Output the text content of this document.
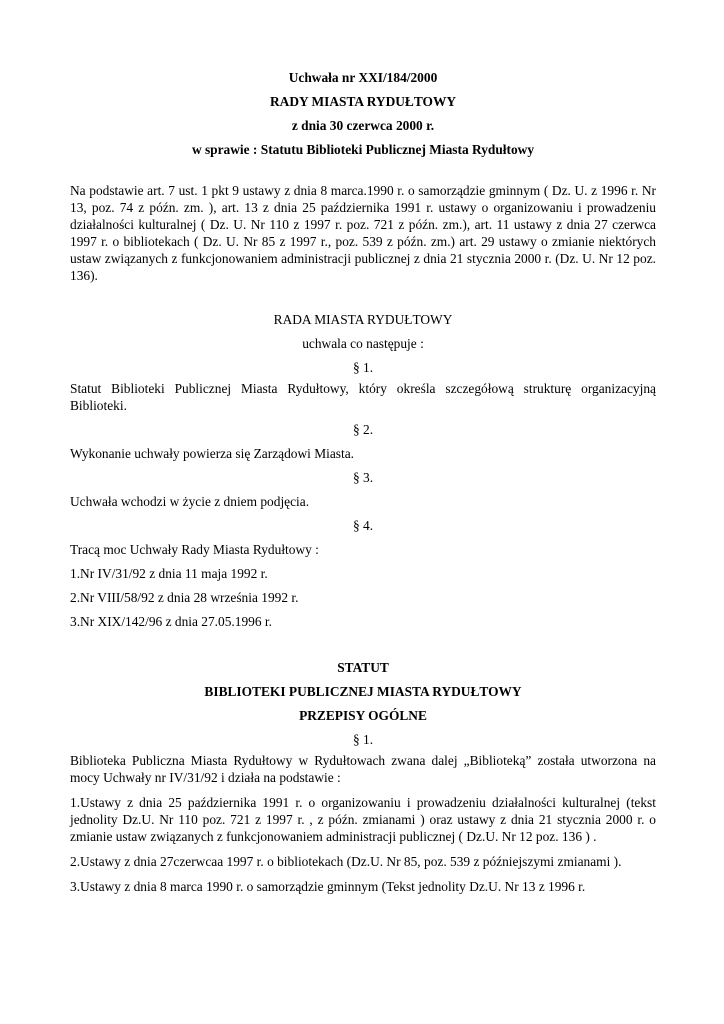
Uchwała nr XXI/184/2000
RADY MIASTA RYDUŁTOWY
z dnia 30 czerwca 2000 r.
w sprawie : Statutu Biblioteki Publicznej Miasta Rydułtowy

Na podstawie art. 7 ust. 1 pkt 9 ustawy z dnia 8 marca.1990 r. o samorządzie gminnym ( Dz. U. z 1996 r. Nr 13, poz. 74 z późn. zm. ), art. 13 z dnia 25 października 1991 r. ustawy o organizowaniu i prowadzeniu działalności kulturalnej ( Dz. U. Nr 110 z 1997 r. poz. 721 z późn. zm.), art. 11 ustawy z dnia 27 czerwca 1997 r. o bibliotekach ( Dz. U. Nr 85 z 1997 r., poz. 539 z późn. zm.) art. 29 ustawy o zmianie niektórych ustaw związanych z funkcjonowaniem administracji publicznej z dnia 21 stycznia 2000 r. (Dz. U. Nr 12 poz. 136).

RADA MIASTA RYDUŁTOWY
uchwala co następuje :
§ 1.

Statut Biblioteki Publicznej Miasta Rydułtowy, który określa szczegółową strukturę organizacyjną Biblioteki.

§ 2.
Wykonanie uchwały powierza się Zarządowi Miasta.
§ 3.
Uchwała wchodzi w życie z dniem podjęcia.
§ 4.
Tracą moc Uchwały Rady Miasta Rydułtowy :
1.Nr IV/31/92 z dnia 11 maja 1992 r.
2.Nr VIII/58/92 z dnia 28 września 1992 r.
3.Nr XIX/142/96 z dnia 27.05.1996 r.
STATUT
BIBLIOTEKI PUBLICZNEJ MIASTA RYDUŁTOWY
PRZEPISY OGÓLNE
§ 1.

Biblioteka Publiczna Miasta Rydułtowy w Rydułtowach zwana dalej „Biblioteką” została utworzona na mocy Uchwały nr IV/31/92 i działa na podstawie :

1.Ustawy z dnia 25 października 1991 r. o organizowaniu i prowadzeniu działalności kulturalnej (tekst jednolity Dz.U. Nr 110 poz. 721 z 1997 r. , z późn. zmianami ) oraz ustawy z dnia 21 stycznia 2000 r. o zmianie ustaw związanych z funkcjonowaniem administracji publicznej ( Dz.U. Nr 12 poz. 136 ) .

2.Ustawy z dnia 27czerwcaa 1997 r. o bibliotekach (Dz.U. Nr 85, poz. 539 z późniejszymi zmianami ).

3.Ustawy z dnia 8 marca 1990 r. o samorządzie gminnym (Tekst jednolity Dz.U. Nr 13 z 1996 r.
